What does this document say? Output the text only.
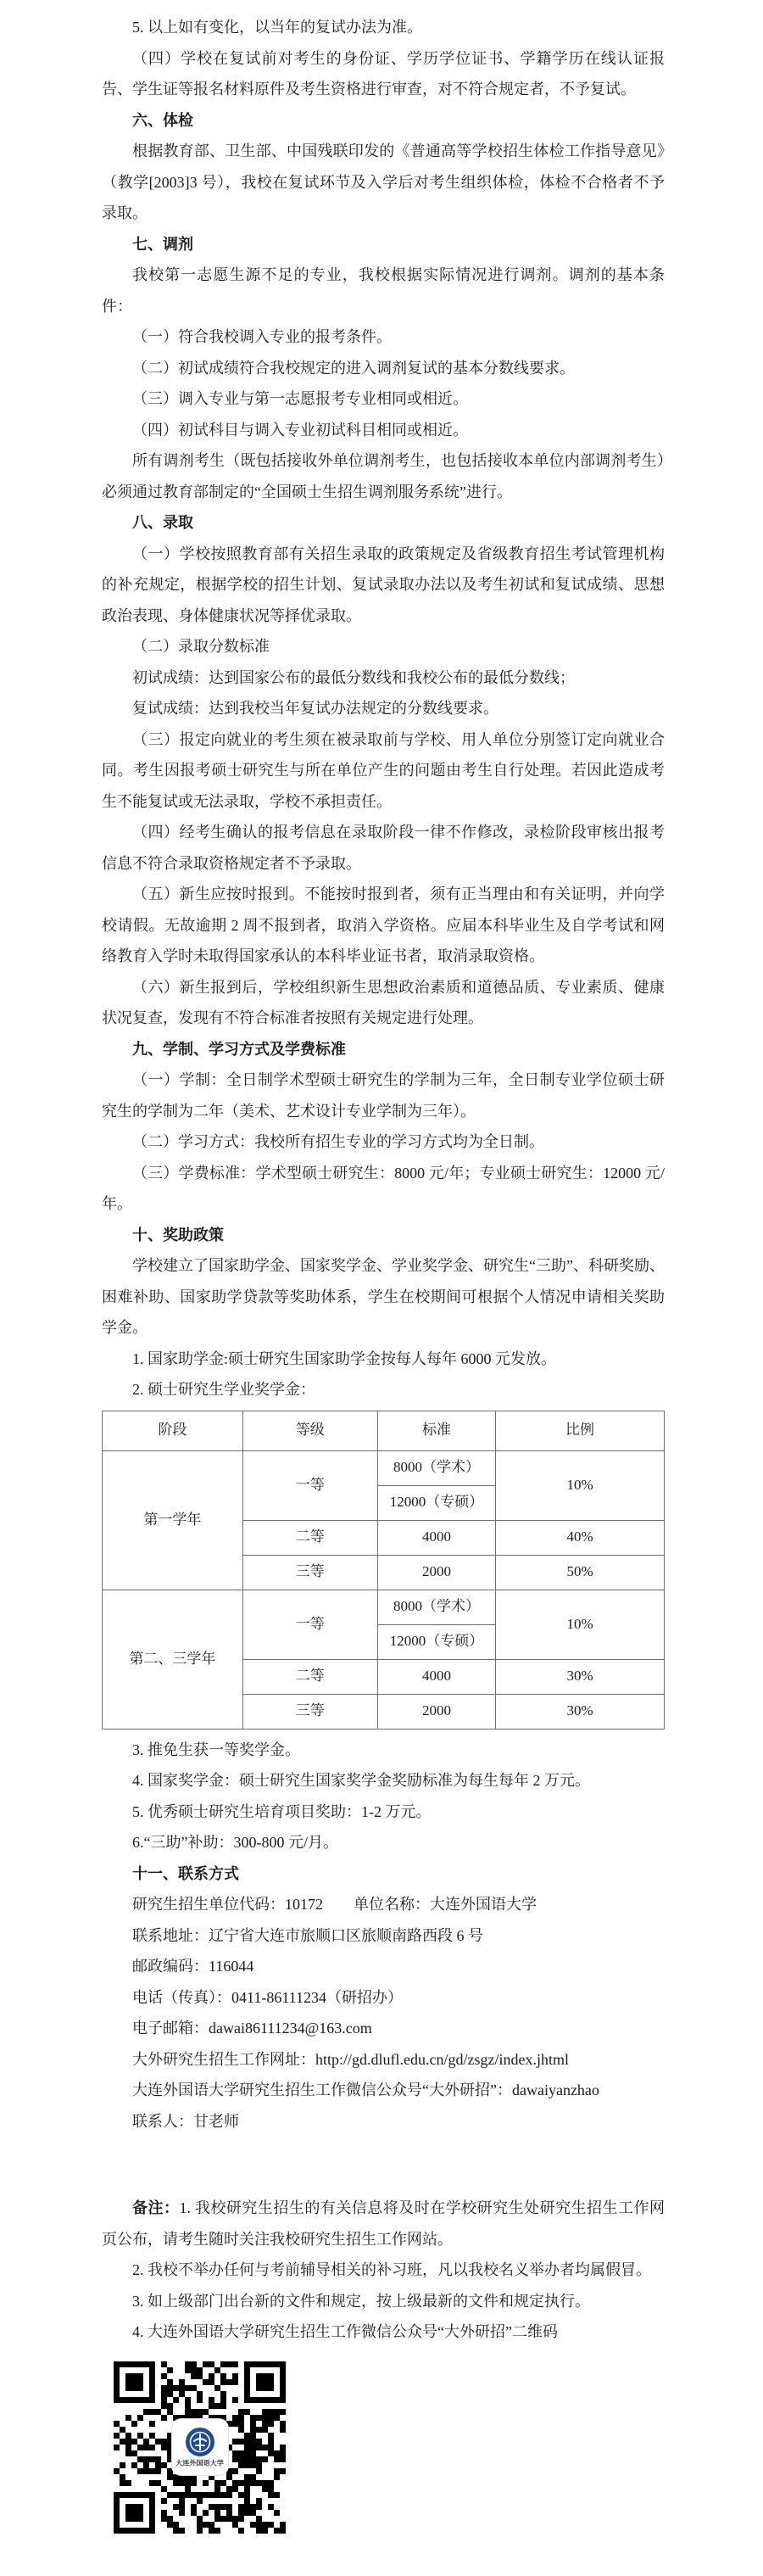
5. 以上如有变化，以当年的复试办法为准。

（四）学校在复试前对考生的身份证、学历学位证书、学籍学历在线认证报告、学生证等报名材料原件及考生资格进行审查，对不符合规定者，不予复试。

六、体检

根据教育部、卫生部、中国残联印发的《普通高等学校招生体检工作指导意见》（教学[2003]3 号），我校在复试环节及入学后对考生组织体检，体检不合格者不予录取。

七、调剂

我校第一志愿生源不足的专业，我校根据实际情况进行调剂。调剂的基本条件：

（一）符合我校调入专业的报考条件。

（二）初试成绩符合我校规定的进入调剂复试的基本分数线要求。

（三）调入专业与第一志愿报考专业相同或相近。

（四）初试科目与调入专业初试科目相同或相近。

所有调剂考生（既包括接收外单位调剂考生，也包括接收本单位内部调剂考生）必须通过教育部制定的“全国硕士生招生调剂服务系统”进行。

八、录取

（一）学校按照教育部有关招生录取的政策规定及省级教育招生考试管理机构的补充规定，根据学校的招生计划、复试录取办法以及考生初试和复试成绩、思想政治表现、身体健康状况等择优录取。

（二）录取分数标准

初试成绩：达到国家公布的最低分数线和我校公布的最低分数线；

复试成绩：达到我校当年复试办法规定的分数线要求。

（三）报定向就业的考生须在被录取前与学校、用人单位分别签订定向就业合同。考生因报考硕士研究生与所在单位产生的问题由考生自行处理。若因此造成考生不能复试或无法录取，学校不承担责任。

（四）经考生确认的报考信息在录取阶段一律不作修改，录检阶段审核出报考信息不符合录取资格规定者不予录取。

（五）新生应按时报到。不能按时报到者，须有正当理由和有关证明，并向学校请假。无故逾期 2 周不报到者，取消入学资格。应届本科毕业生及自学考试和网络教育入学时未取得国家承认的本科毕业证书者，取消录取资格。

（六）新生报到后，学校组织新生思想政治素质和道德品质、专业素质、健康状况复查，发现有不符合标准者按照有关规定进行处理。

九、学制、学习方式及学费标准

（一）学制：全日制学术型硕士研究生的学制为三年，全日制专业学位硕士研究生的学制为二年（美术、艺术设计专业学制为三年）。

（二）学习方式：我校所有招生专业的学习方式均为全日制。

（三）学费标准：学术型硕士研究生：8000 元/年；专业硕士研究生：12000 元/年。

十、奖助政策

学校建立了国家助学金、国家奖学金、学业奖学金、研究生“三助”、科研奖励、困难补助、国家助学贷款等奖助体系，学生在校期间可根据个人情况申请相关奖助学金。

1. 国家助学金:硕士研究生国家助学金按每人每年 6000 元发放。

2. 硕士研究生学业奖学金：

阶段	等级	标准	比例
第一学年	一等	8000（学术）	10%
		12000（专硕）	
	二等	4000	40%
	三等	2000	50%
第二、三学年	一等	8000（学术）	10%
		12000（专硕）	
	二等	4000	30%
	三等	2000	30%

3. 推免生获一等奖学金。

4. 国家奖学金：硕士研究生国家奖学金奖励标准为每生每年 2 万元。

5. 优秀硕士研究生培育项目奖助：1-2 万元。

6.“三助”补助：300-800 元/月。

十一、联系方式

研究生招生单位代码：10172　　单位名称：大连外国语大学

联系地址：辽宁省大连市旅顺口区旅顺南路西段 6 号

邮政编码：116044

电话（传真）：0411-86111234（研招办）

电子邮箱：dawai86111234@163.com

大外研究生招生工作网址：http://gd.dlufl.edu.cn/gd/zsgz/index.jhtml

大连外国语大学研究生招生工作微信公众号“大外研招”：dawaiyanzhao

联系人：甘老师

备注：1. 我校研究生招生的有关信息将及时在学校研究生处研究生招生工作网页公布，请考生随时关注我校研究生招生工作网站。

2. 我校不举办任何与考前辅导相关的补习班，凡以我校名义举办者均属假冒。

3. 如上级部门出台新的文件和规定，按上级最新的文件和规定执行。

4. 大连外国语大学研究生招生工作微信公众号“大外研招”二维码

大连外国语大学
